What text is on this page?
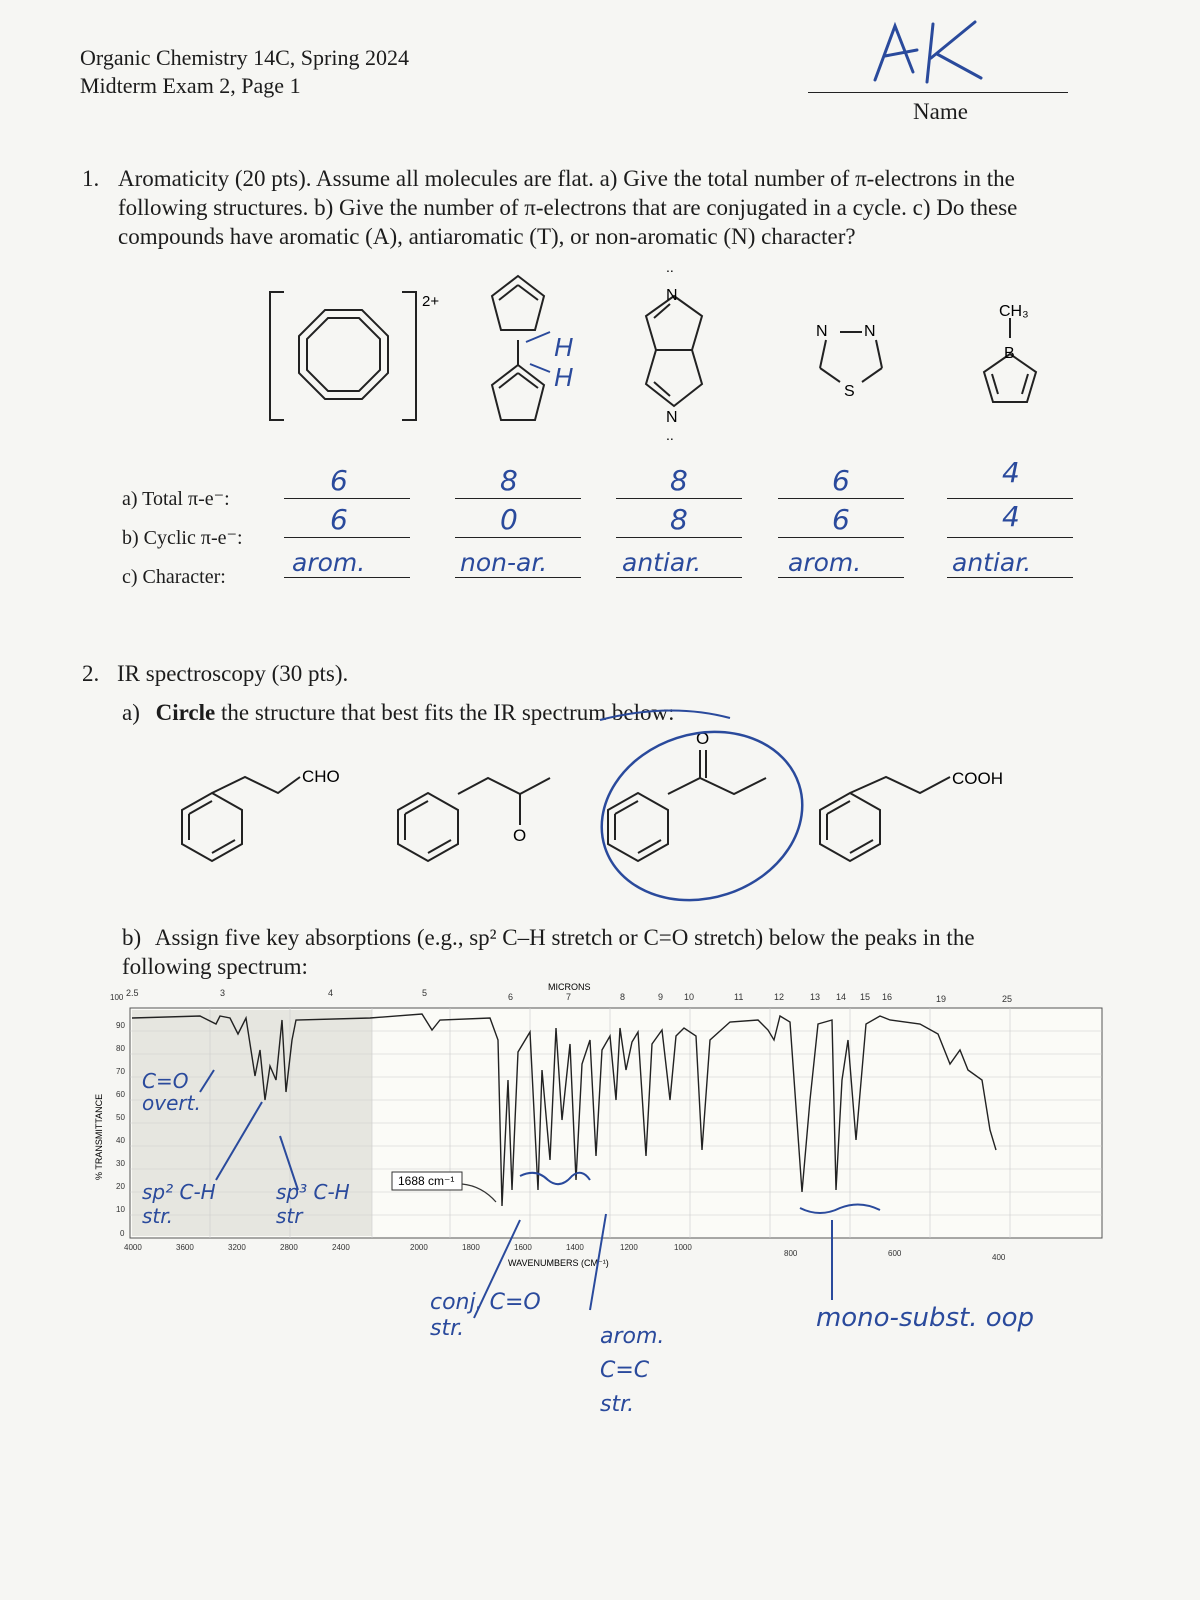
Organic Chemistry 14C, Spring 2024
Midterm Exam 2, Page 1
Name
1. Aromaticity (20 pts). Assume all molecules are flat. a) Give the total number of π-electrons in the following structures. b) Give the number of π-electrons that are conjugated in a cycle. c) Do these compounds have aromatic (A), antiaromatic (T), or non-aromatic (N) character?
2+
H
H
N
N
..
..
N N
S
CH₃
B
a) Total π-e⁻:
b) Cyclic π-e⁻:
c) Character:
6	8	8	6	4
6	0	8	6	4
arom.	non-ar.	antiar.	arom.	antiar.
2. IR spectroscopy (30 pts).
a) Circle the structure that best fits the IR spectrum below:
CHO
O
O
COOH
b) Assign five key absorptions (e.g., sp² C–H stretch or C=O stretch) below the peaks in the following spectrum:
2.5	3	4	5	6	7	8	9 10	11	12	13 14 15 16	19	25
MICRONS
100
90
80
70
60
50
40
30
20
10
0
% TRANSMITTANCE
4000	3600	3200	2800	2400	2000	1800	1600	1400	1200	1000
800	600	400
WAVENUMBERS (CM⁻¹)
1688 cm⁻¹
C=O overt.
sp² C-H str.
sp³ C-H str
conj. C=O str.	arom. C=C str.
mono-subst. oop
